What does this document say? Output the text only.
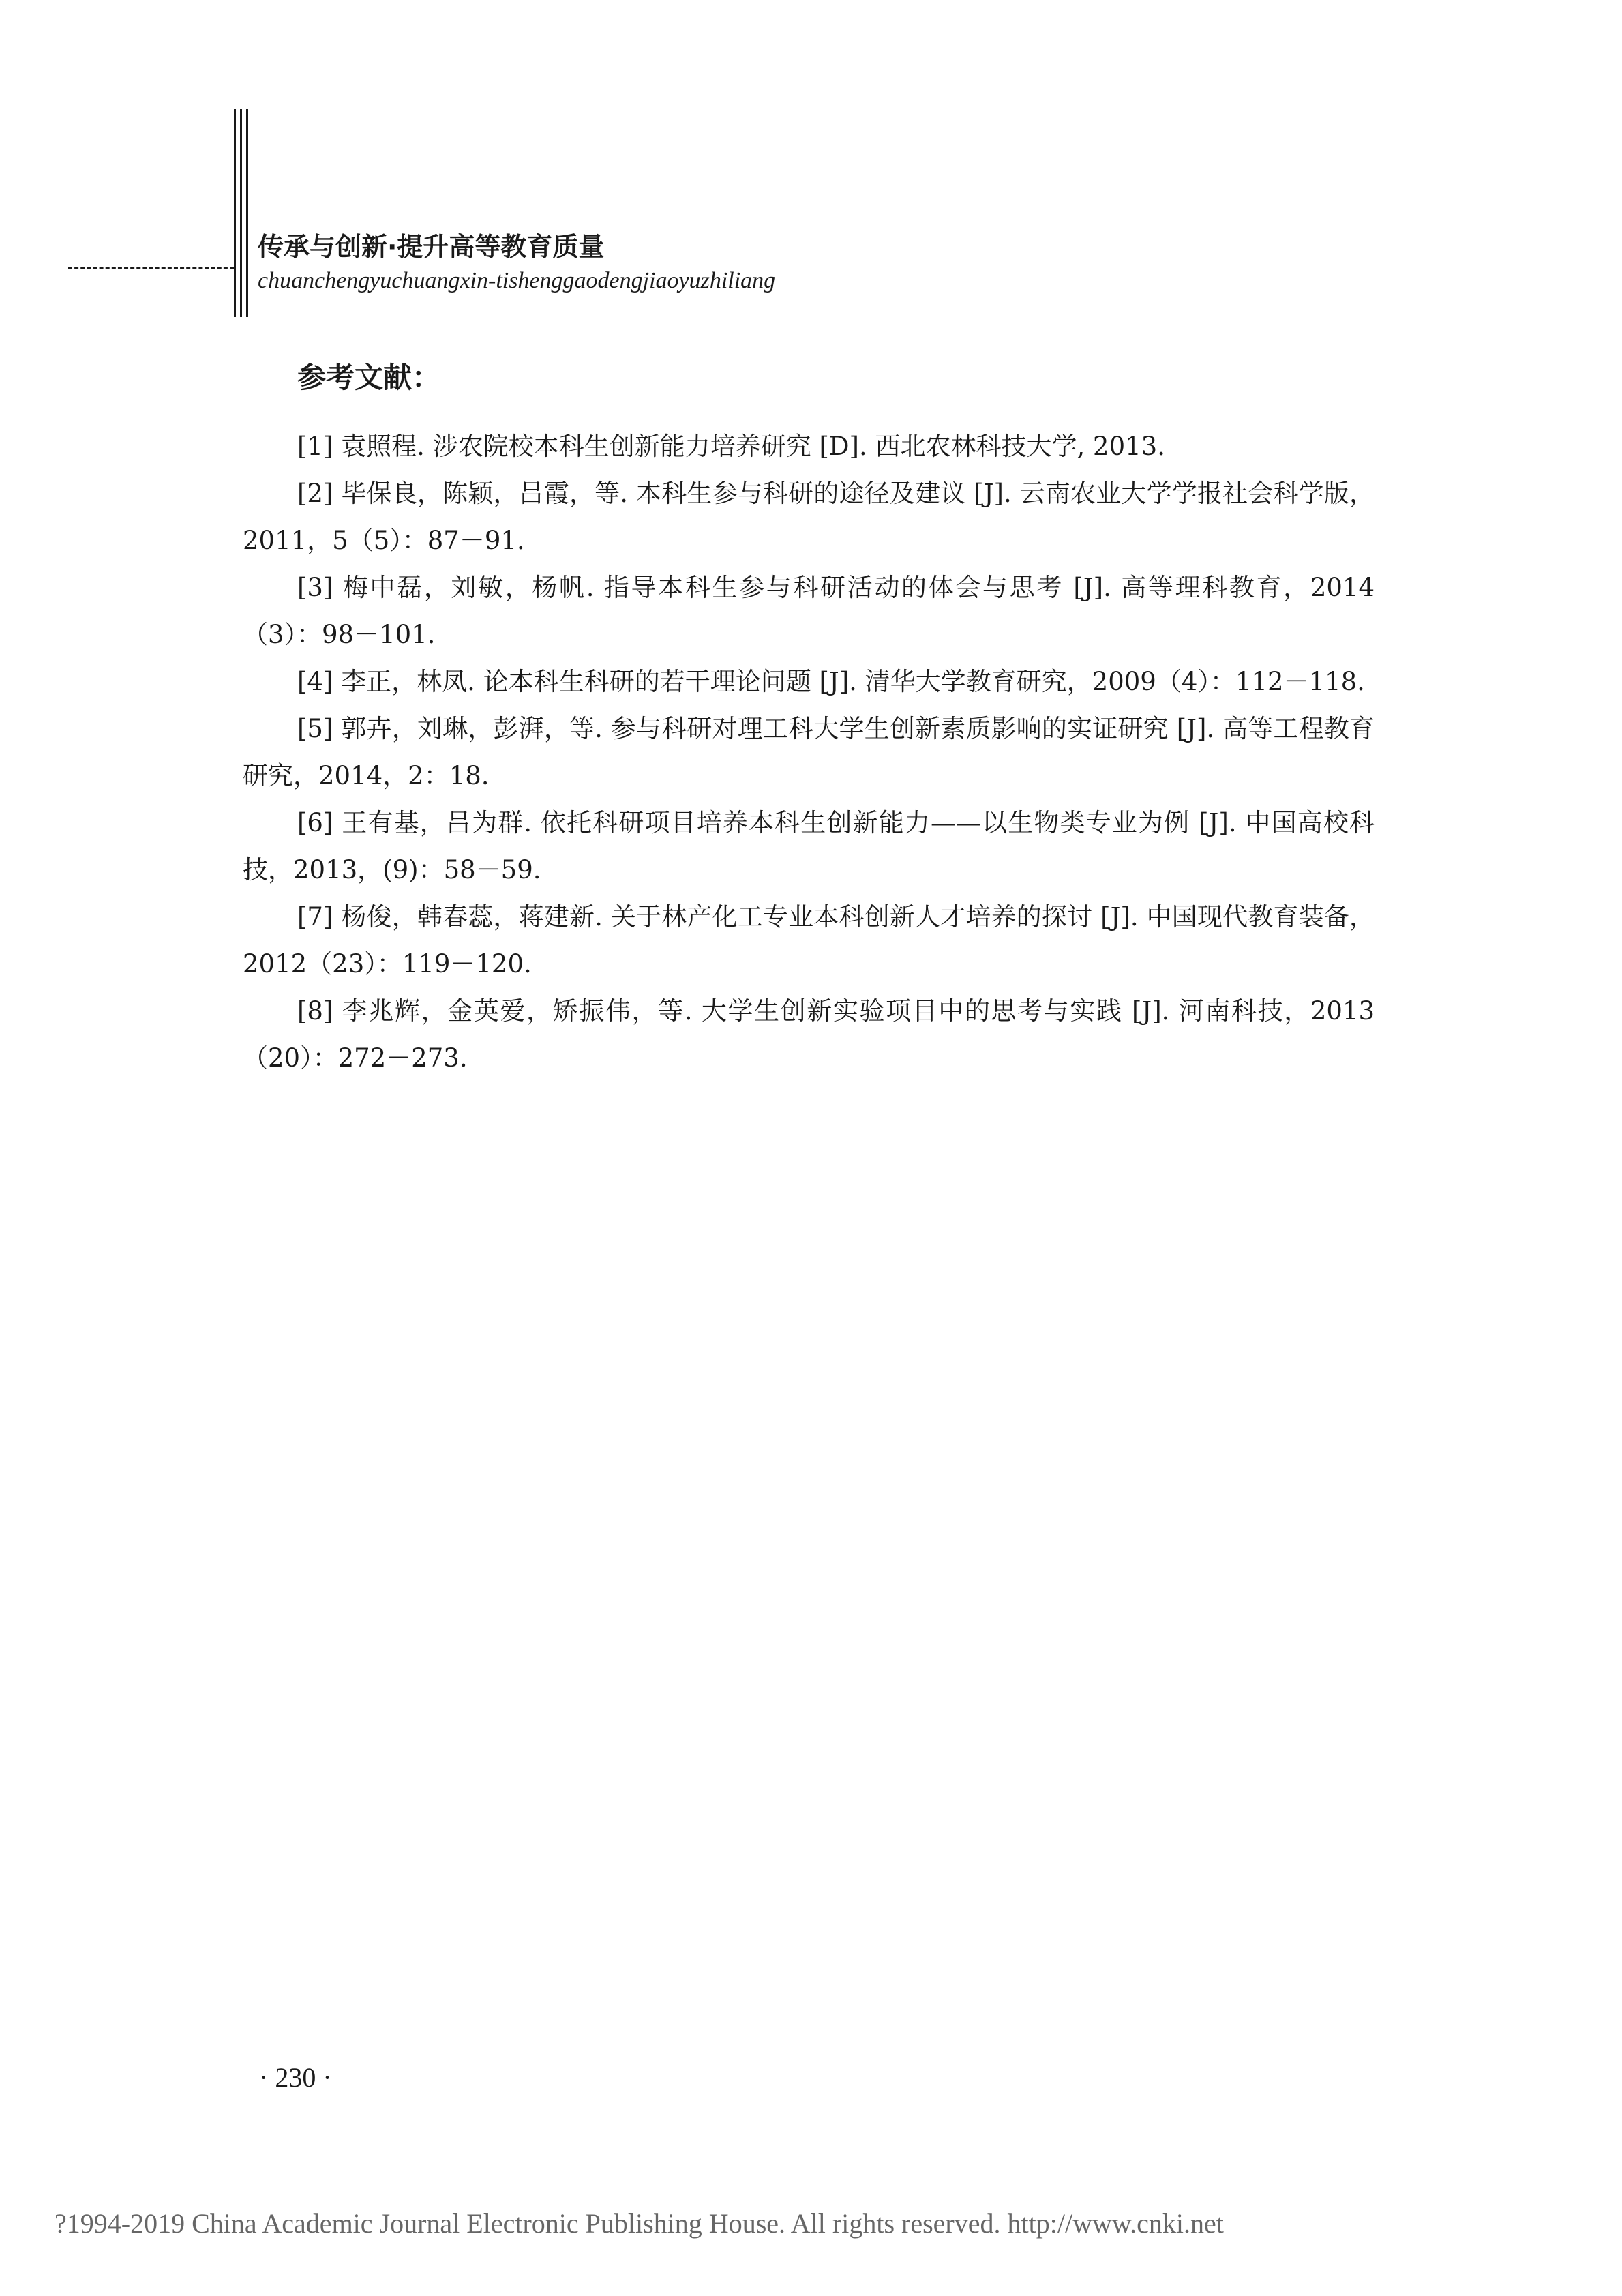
传承与创新·提升高等教育质量
chuanchengyuchuangxin-tishenggaodengjiaoyuzhiliang
参考文献：
[1] 袁照程. 涉农院校本科生创新能力培养研究 [D]. 西北农林科技大学, 2013.
[2] 毕保良，陈颖，吕霞，等. 本科生参与科研的途径及建议 [J]. 云南农业大学学报社会科学版，2011，5（5）：87－91.
[3] 梅中磊，刘敏，杨帆. 指导本科生参与科研活动的体会与思考 [J]. 高等理科教育，2014（3）：98－101.
[4] 李正，林凤. 论本科生科研的若干理论问题 [J]. 清华大学教育研究，2009（4）：112－118.
[5] 郭卉，刘琳，彭湃，等. 参与科研对理工科大学生创新素质影响的实证研究 [J]. 高等工程教育研究，2014，2：18.
[6] 王有基，吕为群. 依托科研项目培养本科生创新能力——以生物类专业为例 [J]. 中国高校科技，2013，(9)：58－59.
[7] 杨俊，韩春蕊，蒋建新. 关于林产化工专业本科创新人才培养的探讨 [J]. 中国现代教育装备，2012（23）：119－120.
[8] 李兆辉，金英爱，矫振伟，等. 大学生创新实验项目中的思考与实践 [J]. 河南科技，2013（20）：272－273.
· 230 ·
?1994-2019 China Academic Journal Electronic Publishing House. All rights reserved. http://www.cnki.net
